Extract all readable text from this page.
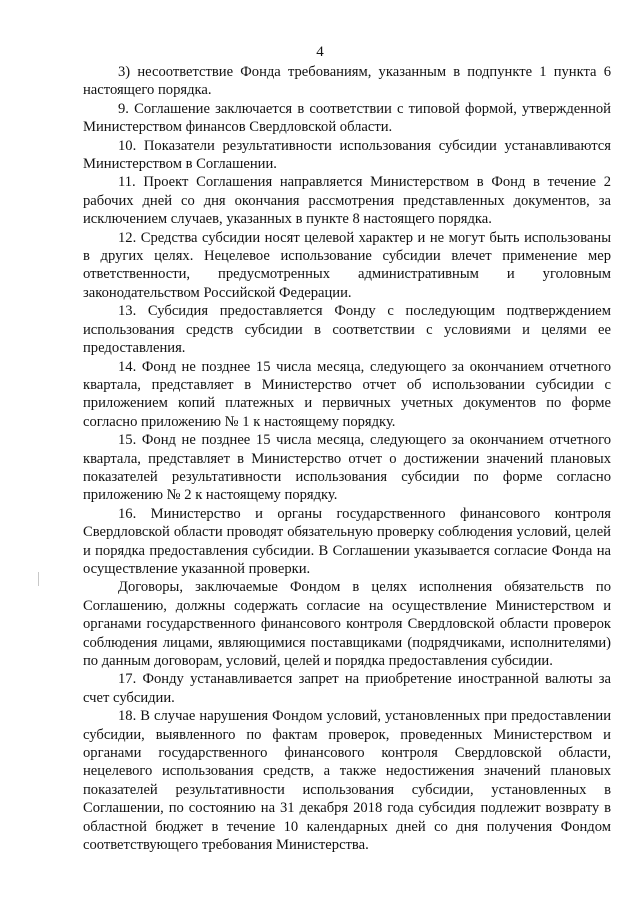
4

3) несоответствие Фонда требованиям, указанным в подпункте 1 пункта 6 настоящего порядка.

9. Соглашение заключается в соответствии с типовой формой, утвержденной Министерством финансов Свердловской области.

10. Показатели результативности использования субсидии устанавливаются Министерством в Соглашении.

11. Проект Соглашения направляется Министерством в Фонд в течение 2 рабочих дней со дня окончания рассмотрения представленных документов, за исключением случаев, указанных в пункте 8 настоящего порядка.

12. Средства субсидии носят целевой характер и не могут быть использованы в других целях. Нецелевое использование субсидии влечет применение мер ответственности, предусмотренных административным и уголовным законодательством Российской Федерации.

13. Субсидия предоставляется Фонду с последующим подтверждением использования средств субсидии в соответствии с условиями и целями ее предоставления.

14. Фонд не позднее 15 числа месяца, следующего за окончанием отчетного квартала, представляет в Министерство отчет об использовании субсидии с приложением копий платежных и первичных учетных документов по форме согласно приложению № 1 к настоящему порядку.

15. Фонд не позднее 15 числа месяца, следующего за окончанием отчетного квартала, представляет в Министерство отчет о достижении значений плановых показателей результативности использования субсидии по форме согласно приложению № 2 к настоящему порядку.

16. Министерство и органы государственного финансового контроля Свердловской области проводят обязательную проверку соблюдения условий, целей и порядка предоставления субсидии. В Соглашении указывается согласие Фонда на осуществление указанной проверки.

Договоры, заключаемые Фондом в целях исполнения обязательств по Соглашению, должны содержать согласие на осуществление Министерством и органами государственного финансового контроля Свердловской области проверок соблюдения лицами, являющимися поставщиками (подрядчиками, исполнителями) по данным договорам, условий, целей и порядка предоставления субсидии.

17. Фонду устанавливается запрет на приобретение иностранной валюты за счет субсидии.

18. В случае нарушения Фондом условий, установленных при предоставлении субсидии, выявленного по фактам проверок, проведенных Министерством и органами государственного финансового контроля Свердловской области, нецелевого использования средств, а также недостижения значений плановых показателей результативности использования субсидии, установленных в Соглашении, по состоянию на 31 декабря 2018 года субсидия подлежит возврату в областной бюджет в течение 10 календарных дней со дня получения Фондом соответствующего требования Министерства.
